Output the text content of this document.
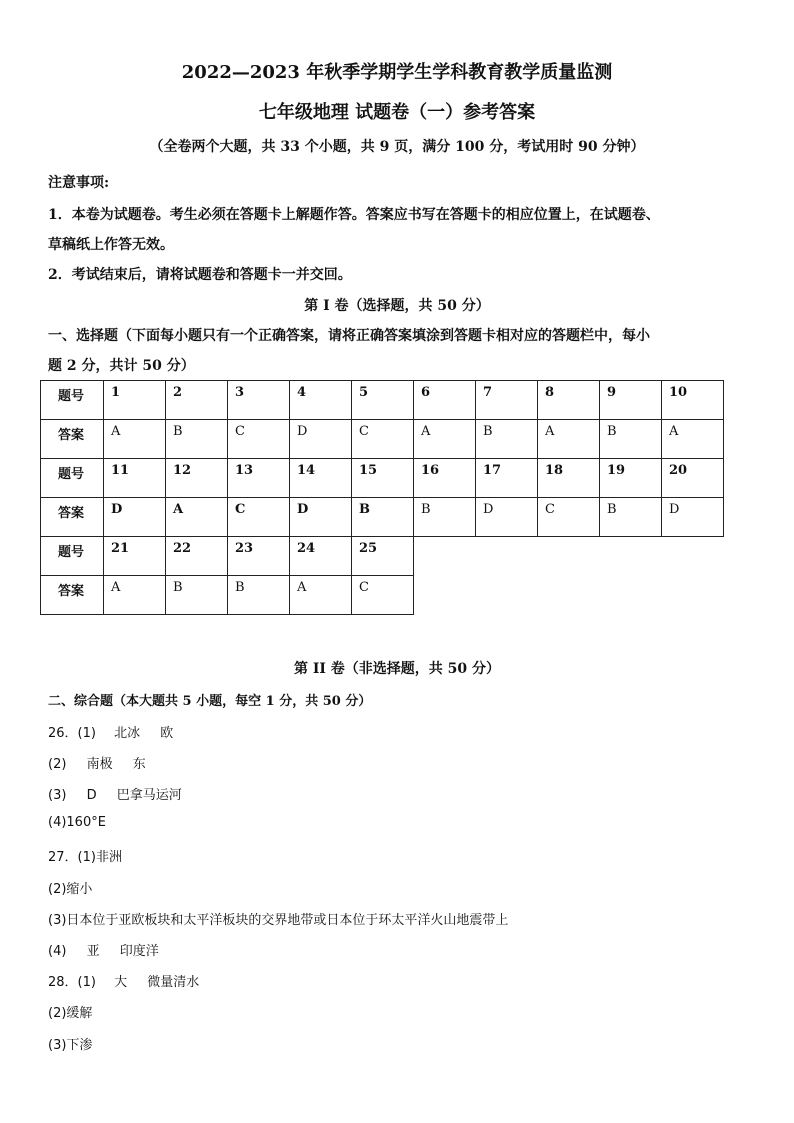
2022—2023 年秋季学期学生学科教育教学质量监测
七年级地理 试题卷（一）参考答案
（全卷两个大题，共 33 个小题，共 9 页，满分 100 分，考试用时 90 分钟）
注意事项:
1．本卷为试题卷。考生必须在答题卡上解题作答。答案应书写在答题卡的相应位置上，在试题卷、
草稿纸上作答无效。
2．考试结束后，请将试题卷和答题卡一并交回。
第 I 卷（选择题，共 50 分）
一、选择题（下面每小题只有一个正确答案，请将正确答案填涂到答题卡相对应的答题栏中，每小
题 2 分，共计 50 分）
题号	1	2	3	4	5	6	7	8	9	10
答案	A	B	C	D	C	A	B	A	B	A
题号	11	12	13	14	15	16	17	18	19	20
答案	D	A	C	D	B	B	D	C	B	D
题号	21	22	23	24	25					
答案	A	B	B	A	C					
第 II 卷（非选择题，共 50 分）
二、综合题（本大题共 5 小题，每空 1 分，共 50 分）
26．(1) 北冰 欧
(2) 南极 东
(3) D 巴拿马运河
(4)160°E
27．(1)非洲
(2)缩小
(3)日本位于亚欧板块和太平洋板块的交界地带或日本位于环太平洋火山地震带上
(4) 亚 印度洋
28．(1) 大 微量清水
(2)缓解
(3)下渗
